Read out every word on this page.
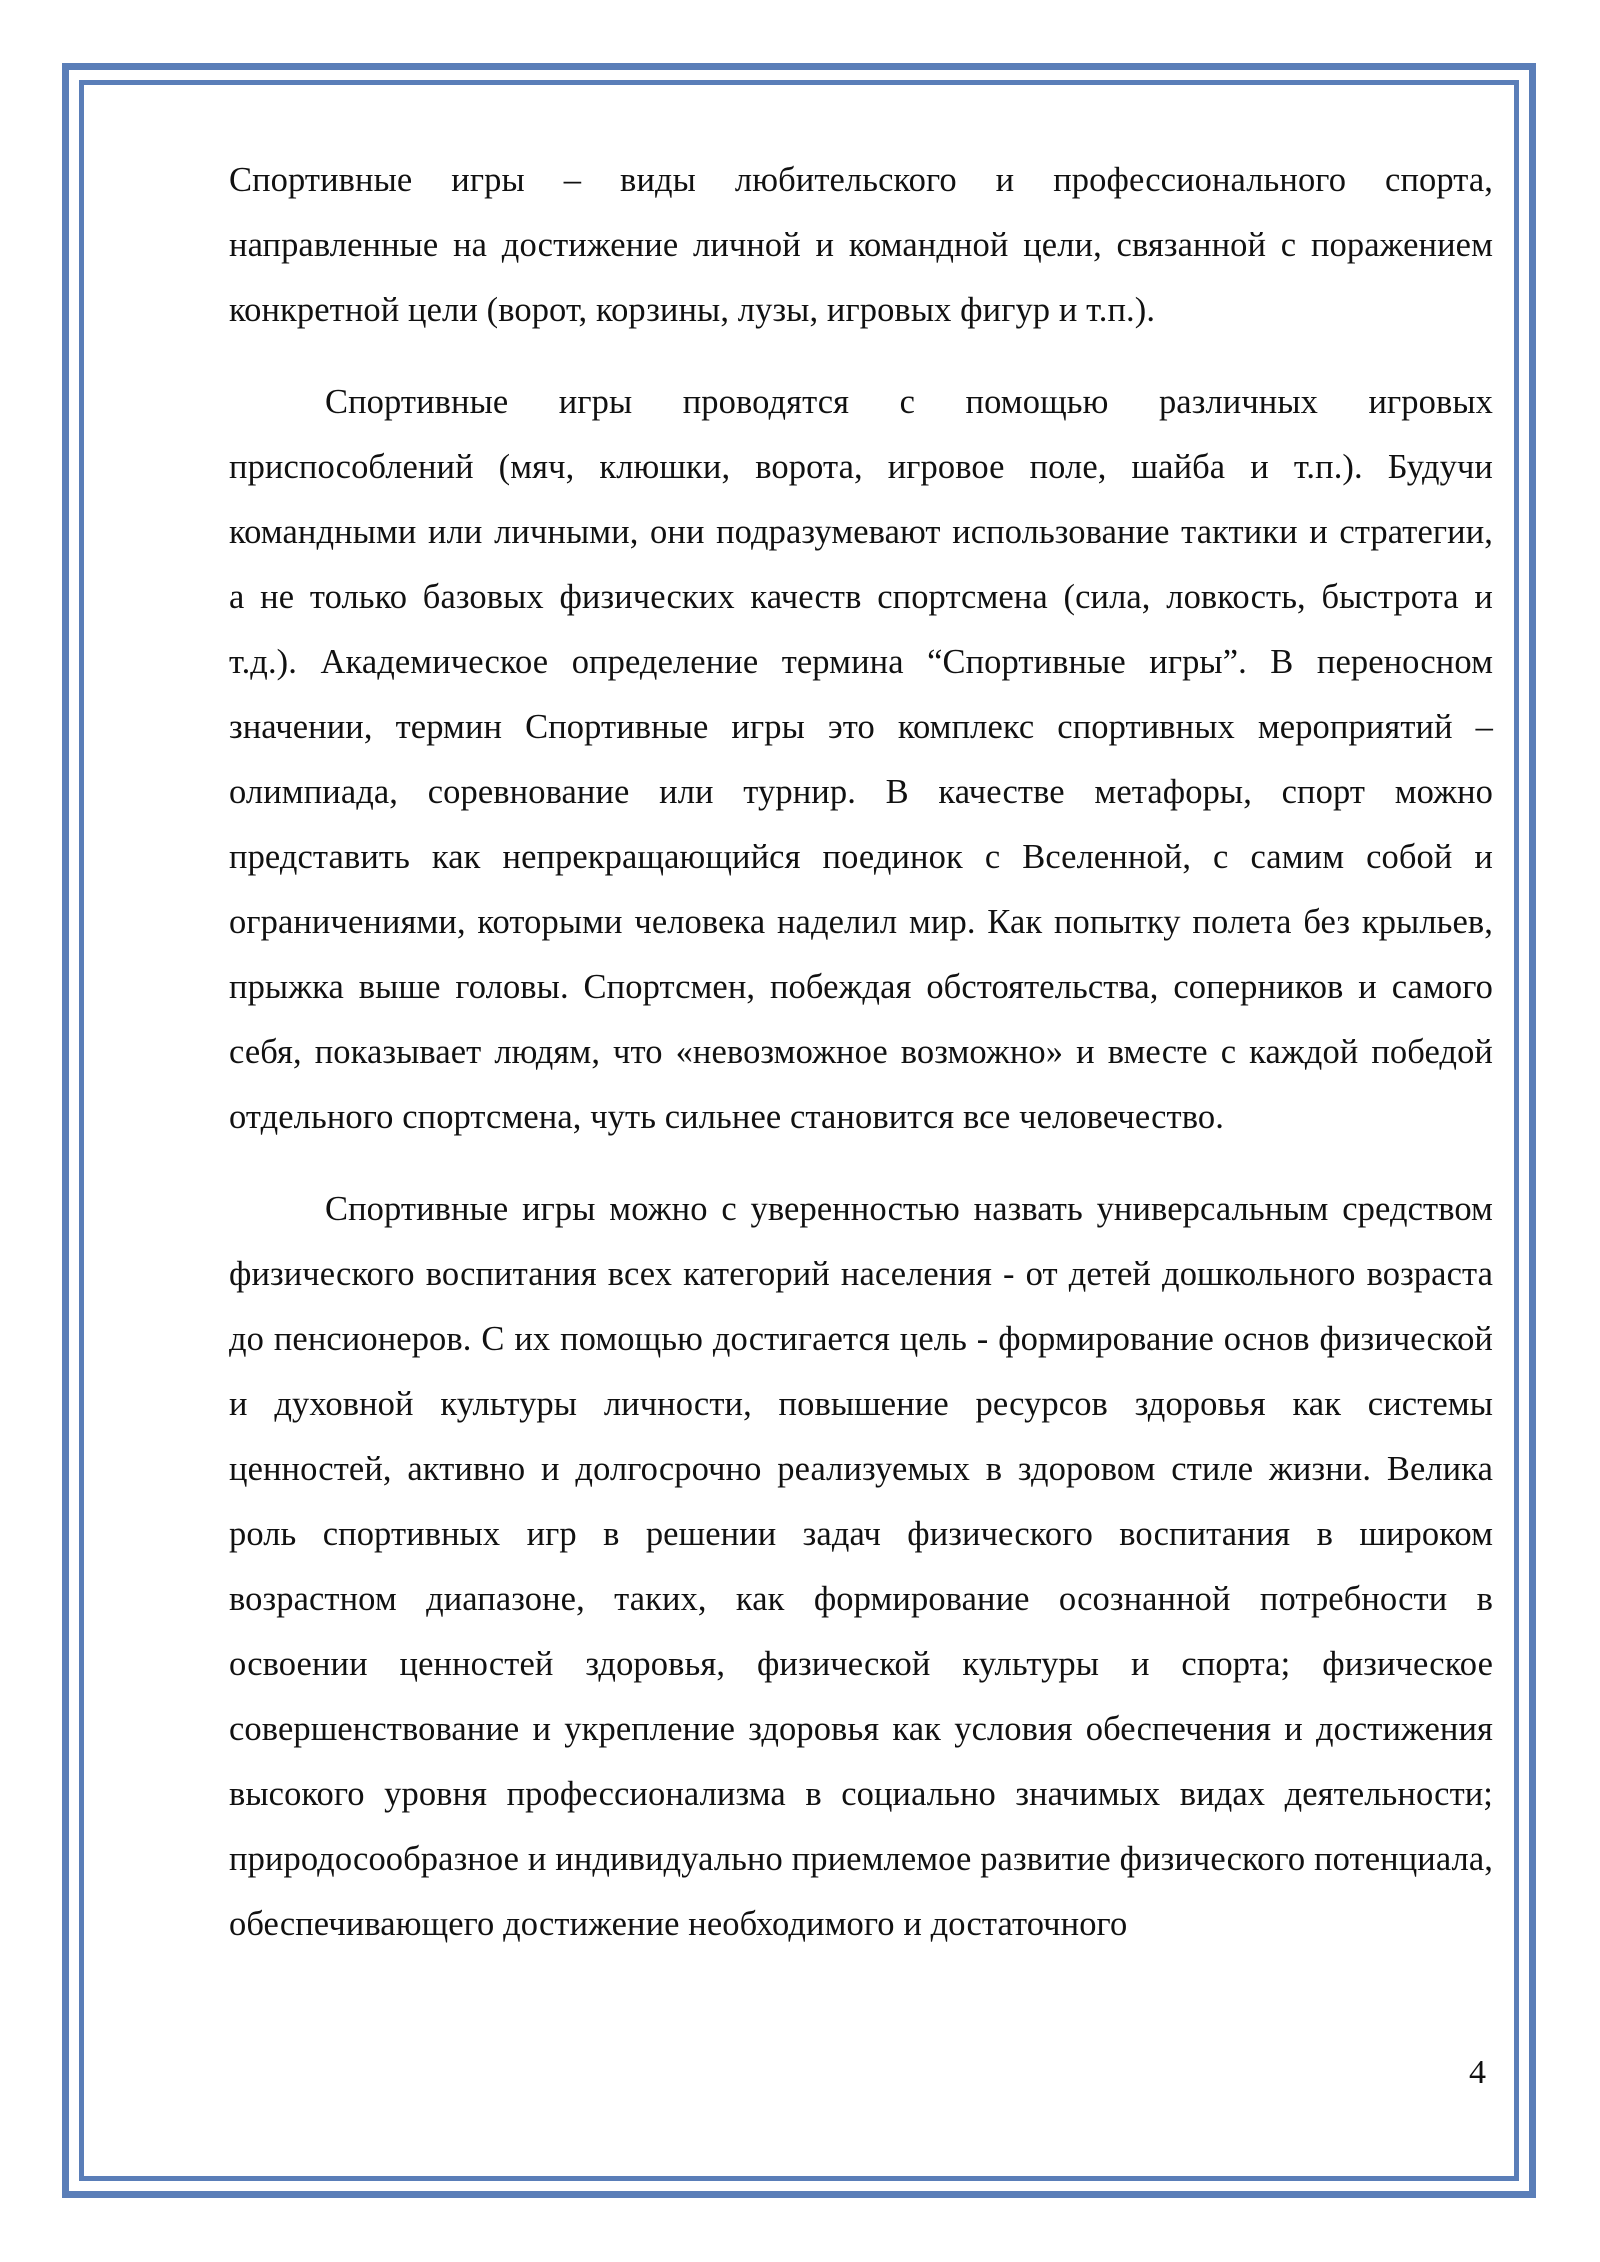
Спортивные игры – виды любительского и профессионального спорта, направленные на достижение личной и командной цели, связанной с поражением конкретной цели (ворот, корзины, лузы, игровых фигур и т.п.).

Спортивные игры проводятся с помощью различных игровых приспособлений (мяч, клюшки, ворота, игровое поле, шайба и т.п.). Будучи командными или личными, они подразумевают использование тактики и стратегии, а не только базовых физических качеств спортсмена (сила, ловкость, быстрота и т.д.). Академическое определение термина “Спортивные игры”. В переносном значении, термин Спортивные игры это комплекс спортивных мероприятий – олимпиада, соревнование или турнир. В качестве метафоры, спорт можно представить как непрекращающийся поединок с Вселенной, с самим собой и ограничениями, которыми человека наделил мир. Как попытку полета без крыльев, прыжка выше головы. Спортсмен, побеждая обстоятельства, соперников и самого себя, показывает людям, что «невозможное возможно» и вместе с каждой победой отдельного спортсмена, чуть сильнее становится все человечество.

Спортивные игры можно с уверенностью назвать универсальным средством физического воспитания всех категорий населения - от детей дошкольного возраста до пенсионеров. С их помощью достигается цель - формирование основ физической и духовной культуры личности, повышение ресурсов здоровья как системы ценностей, активно и долгосрочно реализуемых в здоровом стиле жизни. Велика роль спортивных игр в решении задач физического воспитания в широком возрастном диапазоне, таких, как формирование осознанной потребности в освоении ценностей здоровья, физической культуры и спорта; физическое совершенствование и укрепление здоровья как условия обеспечения и достижения высокого уровня профессионализма в социально значимых видах деятельности; природосообразное и индивидуально приемлемое развитие физического потенциала, обеспечивающего достижение необходимого и достаточного

4
